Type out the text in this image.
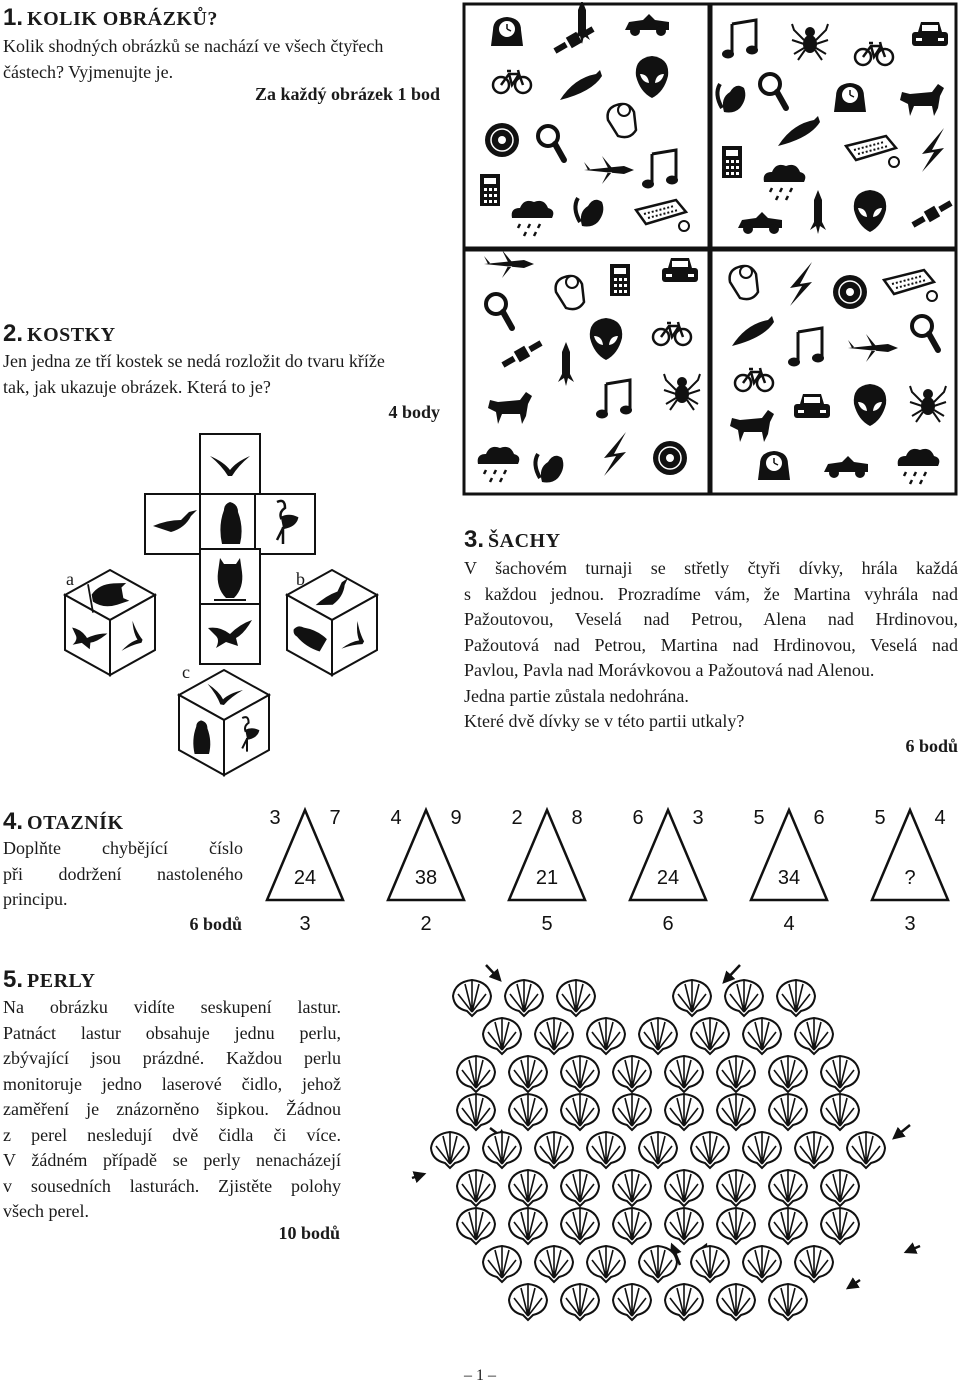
1. KOLIK OBRÁZKŮ?
Kolik shodných obrázků se nachází ve všech čtyřech
částech? Vyjmenujte je.
Za každý obrázek 1 bod
2. KOSTKY
Jen jedna ze tří kostek se nedá rozložit do tvaru kříže
tak, jak ukazuje obrázek. Která to je?
4 body
a	b
c
3. ŠACHY
V šachovém turnaji se střetly čtyři dívky, hrála každá
s každou jednou. Prozradíme vám, že Martina vyhrála nad
Pažoutovou, Veselá nad Petrou, Alena nad Hrdinovou,
Pažoutová nad Petrou, Martina nad Hrdinovou, Veselá nad
Pavlou, Pavla nad Morávkovou a Pažoutová nad Alenou.
Jedna partie zůstala nedohrána.
Které dvě dívky se v této partii utkaly?
6 bodů
4. OTAZNÍK
Doplňte chybějící číslo
při dodržení nastoleného
principu.
6 bodů
3 7
24
3
4 9
38
2
2 8
21
5
6 3
24
6
5 6
34
4
5 4
?
3
5. PERLY
Na obrázku vidíte seskupení lastur.
Patnáct lastur obsahuje jednu perlu,
zbývající jsou prázdné. Každou perlu
monitoruje jedno laserové čidlo, jehož
zaměření je znázorněno šipkou. Žádnou
z perel nesledují dvě čidla či více.
V žádném případě se perly nenacházejí
v sousedních lasturách. Zjistěte polohy
všech perel.
10 bodů
– 1 –
